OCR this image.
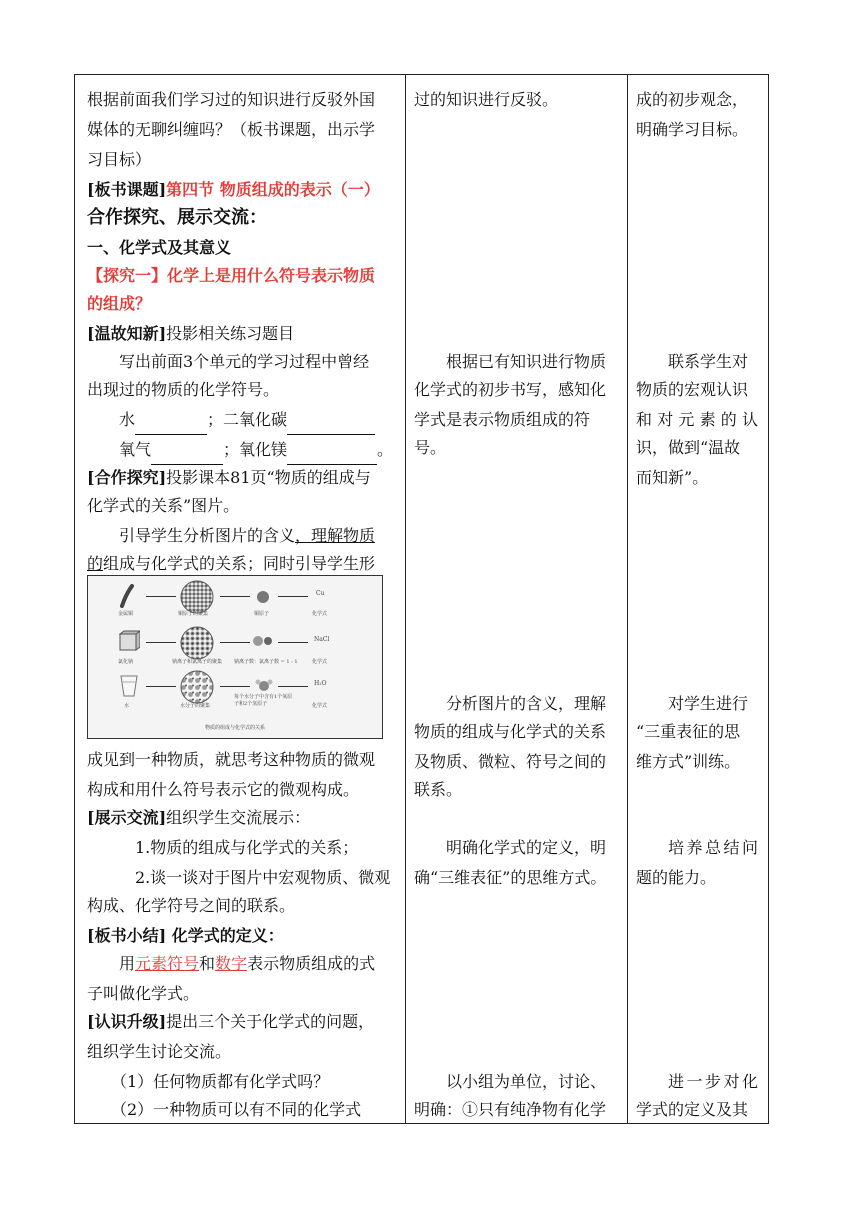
根据前面我们学习过的知识进行反驳外国
媒体的无聊纠缠吗？（板书课题，出示学
习目标）
[板书课题]第四节 物质组成的表示（一）
合作探究、展示交流：
一、化学式及其意义
【探究一】化学上是用什么符号表示物质
的组成？
[温故知新]投影相关练习题目
写出前面3个单元的学习过程中曾经
出现过的物质的化学符号。
水	；二氧化碳
氧气	；氧化镁	。
[合作探究]投影课本81页“物质的组成与
化学式的关系”图片。
引导学生分析图片的含义，理解物质
的组成与化学式的关系；同时引导学生形
Cu
金属铜	铜原子的聚集	铜原子	化学式
NaCl
氯化钠	钠离子和氯离子的聚集 钠离子数：氯离子数 = 1 : 1	化学式
H₂O
水	水分子的聚集
每个水分子中含有1个氧原子和2个氢原子	化学式
物质的组成与化学式的关系
成见到一种物质，就思考这种物质的微观
构成和用什么符号表示它的微观构成。
[展示交流]组织学生交流展示：
1.物质的组成与化学式的关系；
2.谈一谈对于图片中宏观物质、微观
构成、化学符号之间的联系。
[板书小结] 化学式的定义：
用元素符号和数字表示物质组成的式
子叫做化学式。
[认识升级]提出三个关于化学式的问题，
组织学生讨论交流。
（1）任何物质都有化学式吗？
（2）一种物质可以有不同的化学式

过的知识进行反驳。
根据已有知识进行物质
化学式的初步书写，感知化
学式是表示物质组成的符
号。
分析图片的含义，理解
物质的组成与化学式的关系
及物质、微粒、符号之间的
联系。
明确化学式的定义，明
确“三维表征”的思维方式。
以小组为单位，讨论、
明确：①只有纯净物有化学

成的初步观念，
明确学习目标。
联系学生对
物质的宏观认识
和对元素的认
识，做到“温故
而知新”。
对学生进行
“三重表征的思
维方式”训练。
培养总结问
题的能力。
进一步对化
学式的定义及其
